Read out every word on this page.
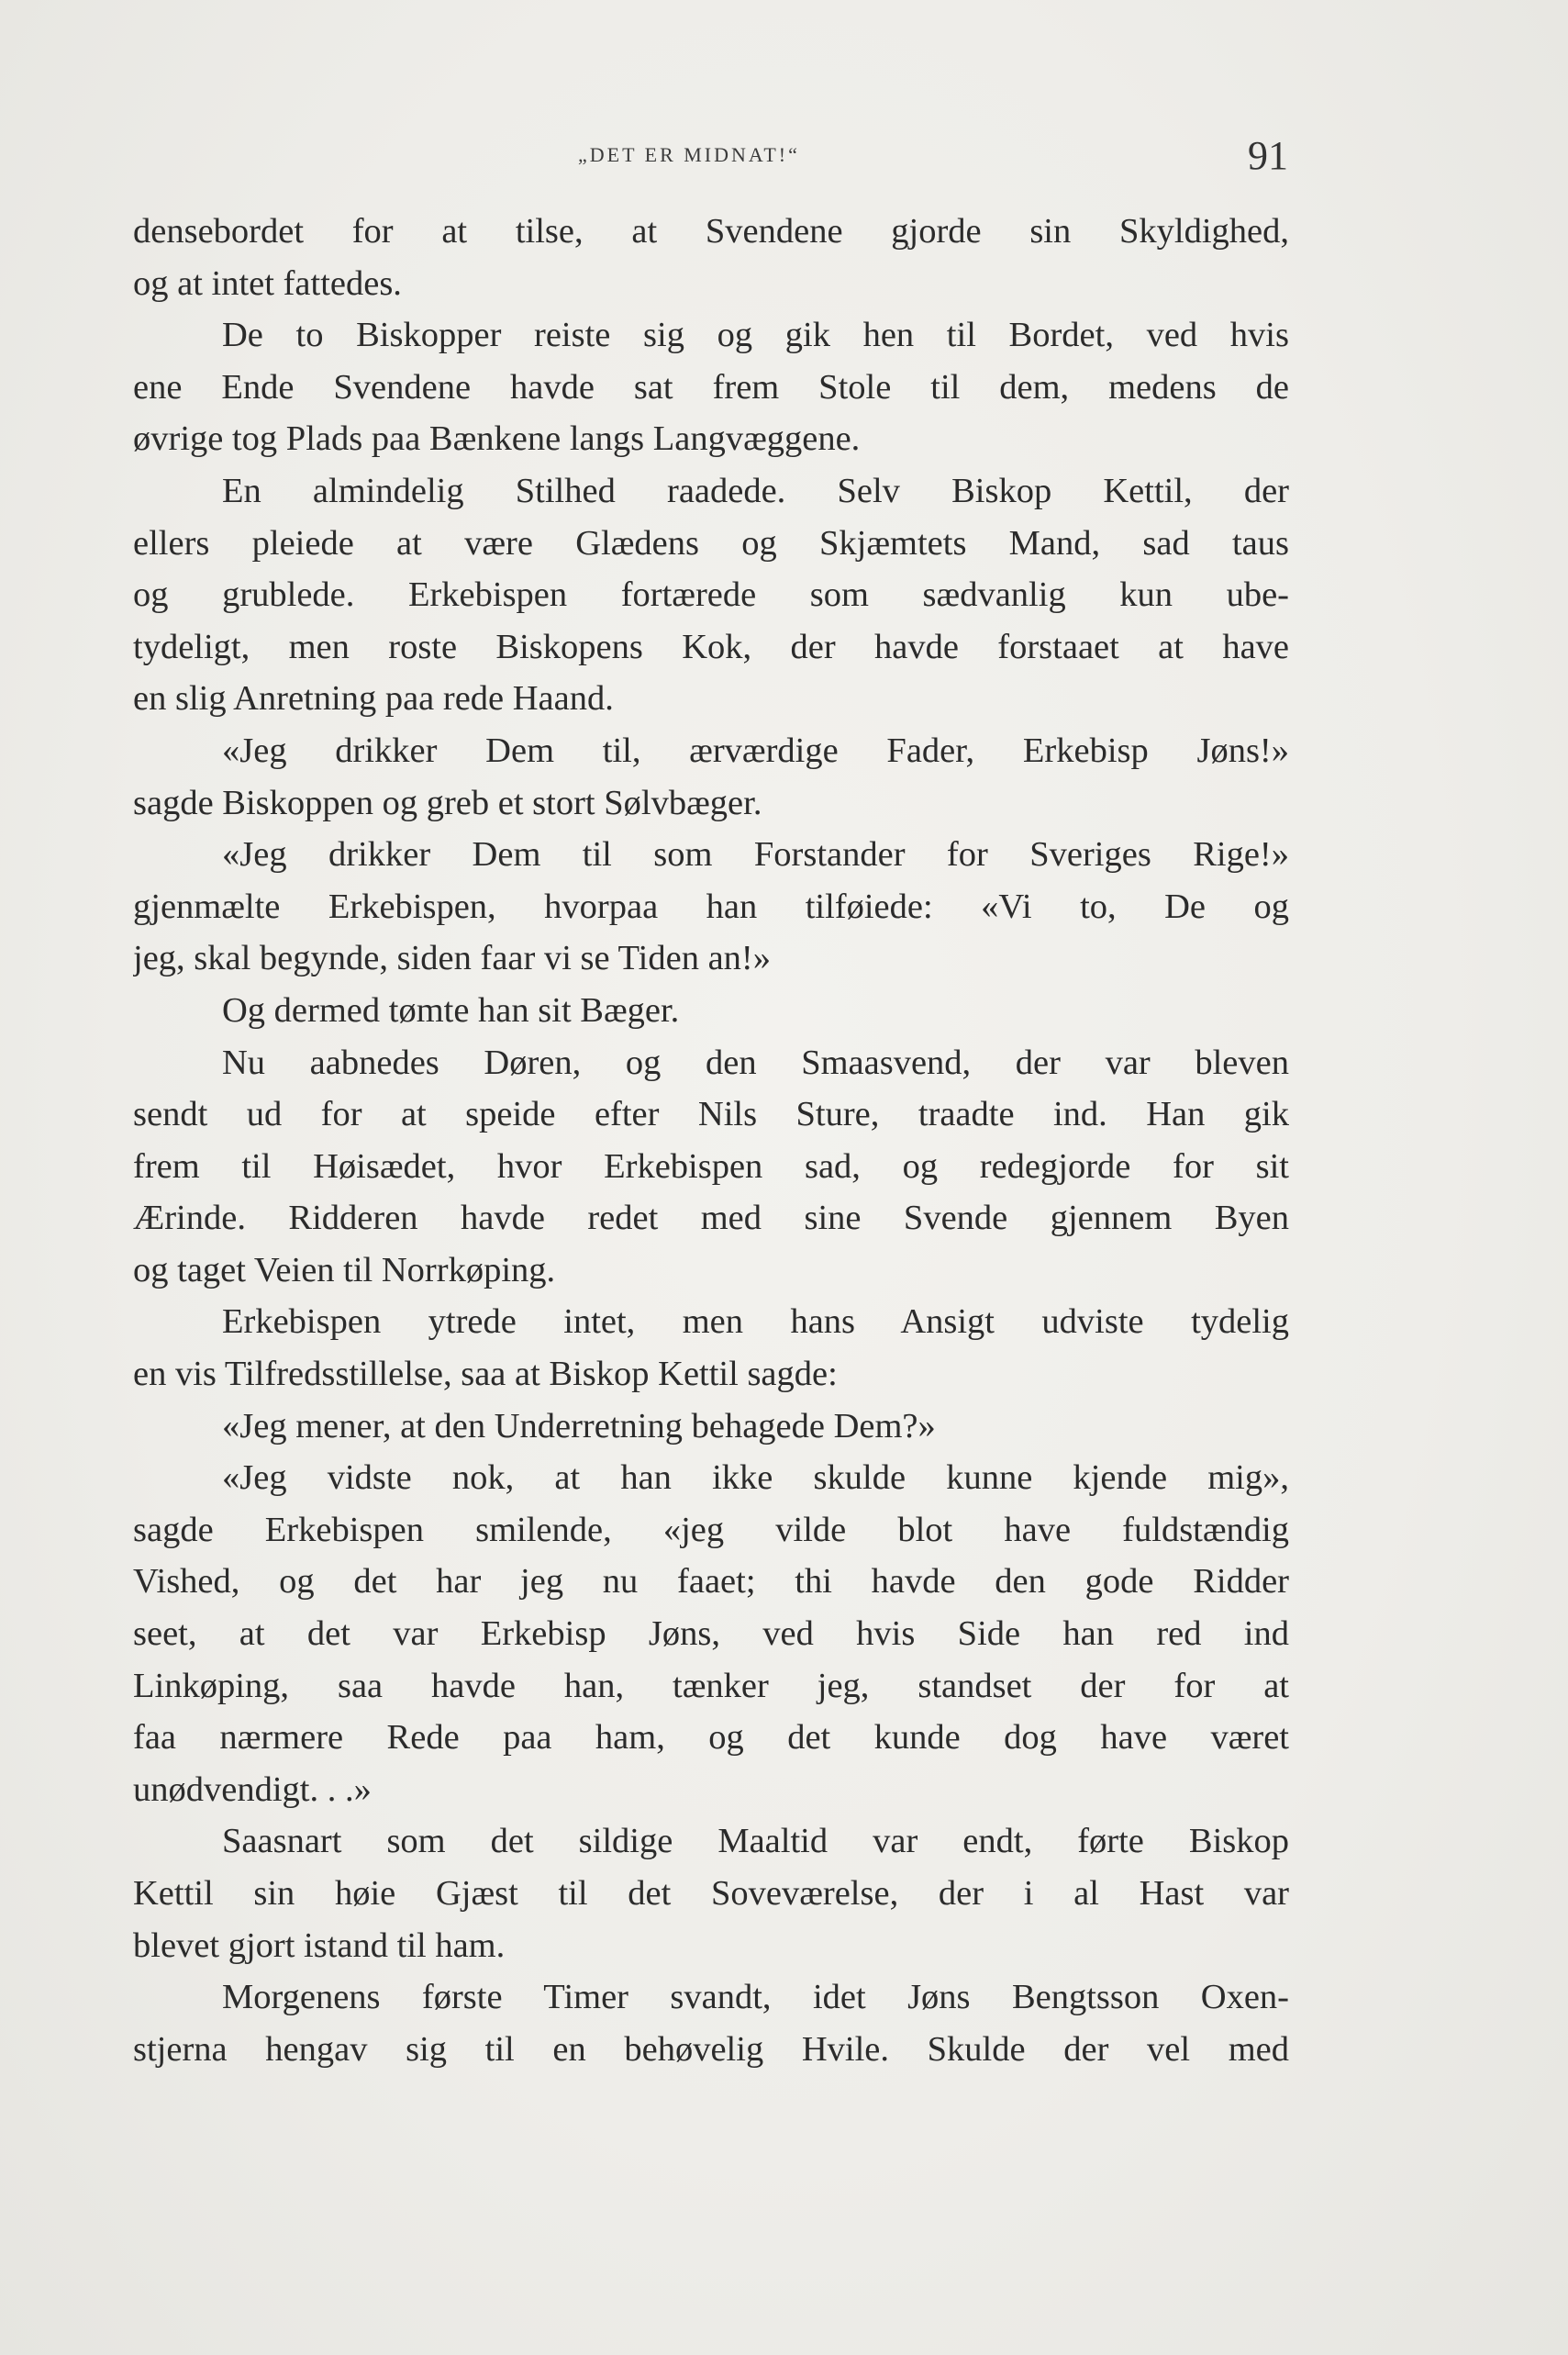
„DET ER MIDNAT!“	91
densebordet for at tilse, at Svendene gjorde sin Skyldighed,
og at intet fattedes.
De to Biskopper reiste sig og gik hen til Bordet, ved hvis
ene Ende Svendene havde sat frem Stole til dem, medens de
øvrige tog Plads paa Bænkene langs Langvæggene.
En almindelig Stilhed raadede. Selv Biskop Kettil, der
ellers pleiede at være Glædens og Skjæmtets Mand, sad taus
og grublede. Erkebispen fortærede som sædvanlig kun ube-
tydeligt, men roste Biskopens Kok, der havde forstaaet at have
en slig Anretning paa rede Haand.
«Jeg drikker Dem til, ærværdige Fader, Erkebisp Jøns!»
sagde Biskoppen og greb et stort Sølvbæger.
«Jeg drikker Dem til som Forstander for Sveriges Rige!»
gjenmælte Erkebispen, hvorpaa han tilføiede: «Vi to, De og
jeg, skal begynde, siden faar vi se Tiden an!»
Og dermed tømte han sit Bæger.
Nu aabnedes Døren, og den Smaasvend, der var bleven
sendt ud for at speide efter Nils Sture, traadte ind. Han gik
frem til Høisædet, hvor Erkebispen sad, og redegjorde for sit
Ærinde. Ridderen havde redet med sine Svende gjennem Byen
og taget Veien til Norrkøping.
Erkebispen ytrede intet, men hans Ansigt udviste tydelig
en vis Tilfredsstillelse, saa at Biskop Kettil sagde:
«Jeg mener, at den Underretning behagede Dem?»
«Jeg vidste nok, at han ikke skulde kunne kjende mig»,
sagde Erkebispen smilende, «jeg vilde blot have fuldstændig
Vished, og det har jeg nu faaet; thi havde den gode Ridder
seet, at det var Erkebisp Jøns, ved hvis Side han red ind
Linkøping, saa havde han, tænker jeg, standset der for at
faa nærmere Rede paa ham, og det kunde dog have været
unødvendigt. . .»
Saasnart som det sildige Maaltid var endt, førte Biskop
Kettil sin høie Gjæst til det Soveværelse, der i al Hast var
blevet gjort istand til ham.
Morgenens første Timer svandt, idet Jøns Bengtsson Oxen-
stjerna hengav sig til en behøvelig Hvile. Skulde der vel med
